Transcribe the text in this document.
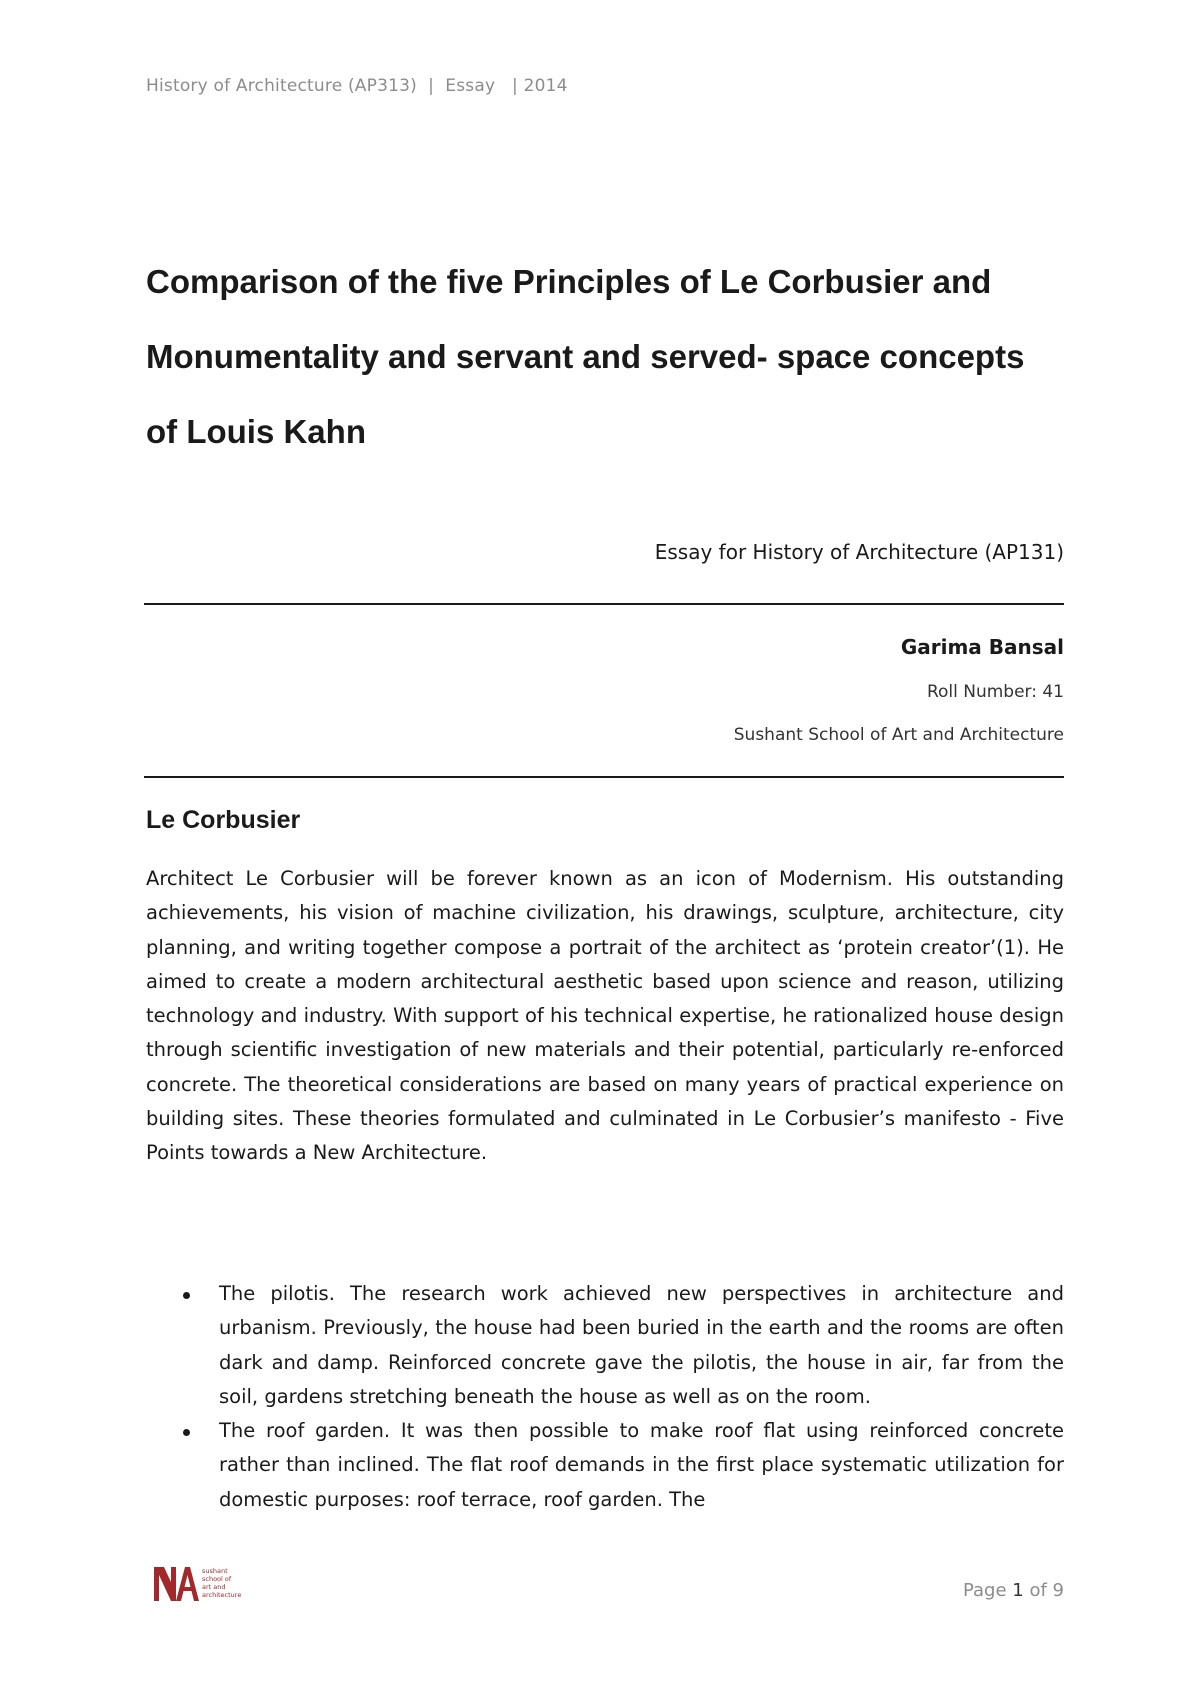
History of Architecture (AP313)  |  Essay   | 2014
Comparison of the five Principles of Le Corbusier and
Monumentality and servant and served- space concepts
of Louis Kahn
Essay for History of Architecture (AP131)
Garima Bansal
Roll Number: 41
Sushant School of Art and Architecture
Le Corbusier

Architect Le Corbusier will be forever known as an icon of Modernism. His outstanding achievements, his vision of machine civilization, his drawings, sculpture, architecture, city planning, and writing together compose a portrait of the architect as ‘protein creator’(1). He aimed to create a modern architectural aesthetic based upon science and reason, utilizing technology and industry. With support of his technical expertise, he rationalized house design through scientific investigation of new materials and their potential, particularly re-enforced concrete. The theoretical considerations are based on many years of practical experience on building sites. These theories formulated and culminated in Le Corbusier’s manifesto - Five Points towards a New Architecture.

The pilotis. The research work achieved new perspectives in architecture and urbanism. Previously, the house had been buried in the earth and the rooms are often dark and damp. Reinforced concrete gave the pilotis, the house in air, far from the soil, gardens stretching beneath the house as well as on the room.
The roof garden. It was then possible to make roof flat using reinforced concrete rather than inclined. The flat roof demands in the first place systematic utilization for domestic purposes: roof terrace, roof garden. The
sushant
school of
art and
architecture	Page 1 of 9
